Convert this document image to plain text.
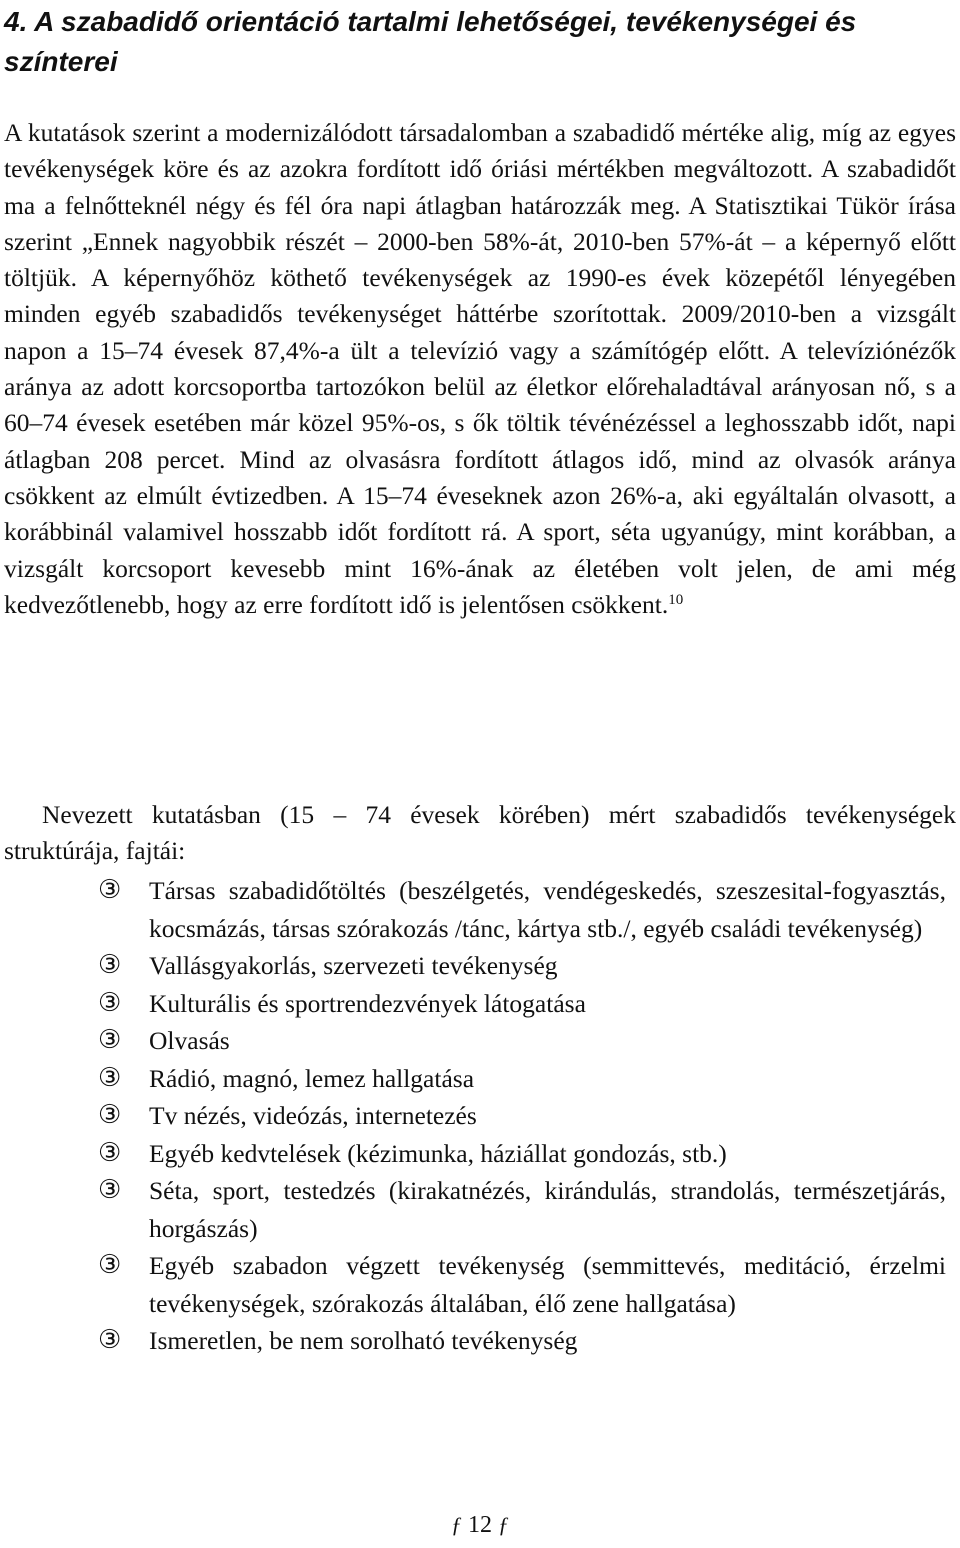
4. A szabadidő orientáció tartalmi lehetőségei, tevékenységei és színterei

A kutatások szerint a modernizálódott társadalomban a szabadidő mértéke alig, míg az egyes tevékenységek köre és az azokra fordított idő óriási mértékben megváltozott. A szabadidőt ma a felnőtteknél négy és fél óra napi átlagban határozzák meg. A Statisztikai Tükör írása szerint „Ennek nagyobbik részét – 2000-ben 58%-át, 2010-ben 57%-át – a képernyő előtt töltjük. A képernyőhöz köthető tevékenységek az 1990-es évek közepétől lényegében minden egyéb szabadidős tevékenységet háttérbe szorítottak. 2009/2010-ben a vizsgált napon a 15–74 évesek 87,4%-a ült a televízió vagy a számítógép előtt. A televíziónézők aránya az adott korcsoportba tartozókon belül az életkor előrehaladtával arányosan nő, s a 60–74 évesek esetében már közel 95%-os, s ők töltik tévénézéssel a leghosszabb időt, napi átlagban 208 percet. Mind az olvasásra fordított átlagos idő, mind az olvasók aránya csökkent az elmúlt évtizedben. A 15–74 éveseknek azon 26%-a, aki egyáltalán olvasott, a korábbinál valamivel hosszabb időt fordított rá. A sport, séta ugyanúgy, mint korábban, a vizsgált korcsoport kevesebb mint 16%-ának az életében volt jelen, de ami még kedvezőtlenebb, hogy az erre fordított idő is jelentősen csökkent.$^{10}$

Nevezett kutatásban (15 – 74 évesek körében) mért szabadidős tevékenységek struktúrája, fajtái:

③ Társas szabadidőtöltés (beszélgetés, vendégeskedés, szeszesital-fogyasztás, kocsmázás, társas szórakozás /tánc, kártya stb./, egyéb családi tevékenység)
③ Vallásgyakorlás, szervezeti tevékenység
③ Kulturális és sportrendezvények látogatása
③ Olvasás
③ Rádió, magnó, lemez hallgatása
③ Tv nézés, videózás, internetezés
③ Egyéb kedvtelések (kézimunka, háziállat gondozás, stb.)
③ Séta, sport, testedzés (kirakatnézés, kirándulás, strandolás, természetjárás, horgászás)
③ Egyéb szabadon végzett tevékenység (semmittevés, meditáció, érzelmi tevékenységek, szórakozás általában, élő zene hallgatása)
③ Ismeretlen, be nem sorolható tevékenység
ƒ 12 ƒ
